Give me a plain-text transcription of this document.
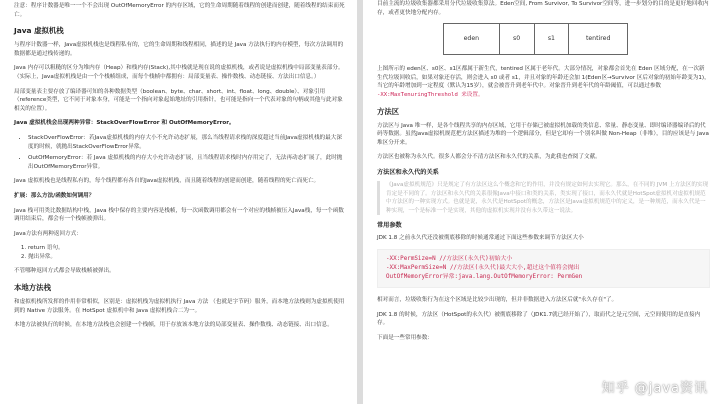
注意：程序计数器是唯一一个不会出现 OutOfMemoryError 的内存区域，它的生命周期随着线程的创建而创建，随着线程的结束而死亡。

Java 虚拟机栈

与程序计数器一样，Java虚拟机栈也是线程私有的，它的生命周期和线程相同，描述的是 Java 方法执行的内存模型，每次方法调用的数据都是通过栈传递的。

Java 内存可以粗糙的区分为堆内存（Heap）和栈内存(Stack),其中栈就是现在说的虚拟机栈，或者说是虚拟机栈中局部变量表部分。（实际上，Java虚拟机栈是由一个个栈帧组成，而每个栈帧中都拥有：局部变量表、操作数栈、动态链接、方法出口信息。）

局部变量表主要存放了编译器可知的各种数据类型（boolean、byte、char、short、int、float、long、double）、对象引用（reference类型，它不同于对象本身，可能是一个指向对象起始地址的引用指针，也可能是指向一个代表对象的句柄或其他与此对象相关的位置）。

Java 虚拟机栈会出现两种异常：StackOverFlowError 和 OutOfMemoryError。

• StackOverFlowError：若Java虚拟机栈的内存大小不允许动态扩展，那么当线程请求栈的深度超过当前Java虚拟机栈的最大深度的时候，就抛出StackOverFlowError异常。
• OutOfMemoryError：若 Java 虚拟机栈的内存大小允许动态扩展，且当线程请求栈时内存用完了，无法再动态扩展了，此时抛出OutOfMemoryError异常。

Java 虚拟机栈也是线程私有的，每个线程都有各自的Java虚拟机栈，而且随着线程的创建而创建，随着线程的死亡而死亡。

扩展：那么方法/函数如何调用？

Java 栈可用类比数据结构中栈，Java 栈中保存的主要内容是栈帧，每一次函数调用都会有一个对应的栈帧被压入Java栈，每一个函数调用结束后，都会有一个栈帧被弹出。

Java方法有两种返回方式：

1. return 语句。
2. 抛出异常。

不管哪种返回方式都会导致栈帧被弹出。

本地方法栈

和虚拟机栈所发挥的作用非常相似，区别是：虚拟机栈为虚拟机执行 Java 方法 （也就是字节码）服务，而本地方法栈则为虚拟机使用到的 Native 方法服务。在 HotSpot 虚拟机中和 Java 虚拟机栈合二为一。

本地方法被执行的时候，在本地方法栈也会创建一个栈帧，用于存放该本地方法的局部变量表、操作数栈、动态链接、出口信息。

目前主流的垃圾收集器都采用分代垃圾收集算法。Eden空间, From Survivor, To Survivor空间等，进一步划分的目的是更好地回收内存，或者更快地分配内存。

eden	s0	s1	tentired

上图所示的 eden区、s0区、s1区都属于新生代，tentired 区属于老年代。大部分情况，对象都会首先在 Eden 区域分配，在一次新生代垃圾回收后，如果对象还存活，则会进入 s0 或者 s1，并且对象的年龄还会加 1(Eden区→Survivor 区后对象的初始年龄变为1)，当它的年龄增加到一定程度（默认为15岁），就会被晋升到老年代中。对象晋升到老年代的年龄阈值，可以通过参数
-XX:MaxTenuringThreshold 来设置。

方法区

方法区与 Java 堆一样，是各个线程共享的内存区域，它用于存储已被虚拟机加载的类信息、常量、静态变量、即时编译器编译后的代码等数据。虽然Java虚拟机规范把方法区描述为堆的一个逻辑部分，但是它却有一个别名叫做 Non-Heap（非堆），目的应该是与 Java 堆区分开来。

方法区也被称为永久代。很多人都会分不清方法区和永久代的关系，为此我也查阅了文献。

方法区和永久代的关系

《Java虚拟机规范》只是规定了有方法区这么个概念和它的作用，并没有规定如何去实现它。那么，在不同的 JVM 上方法区的实现肯定是不同的了。方法区和永久代的关系很像Java中接口和类的关系，类实现了接口，而永久代就是HotSpot虚拟机对虚拟机规范中方法区的一种实现方式。也就是说，永久代是HotSpot的概念，方法区是Java虚拟机规范中的定义，是一种规范，而永久代是一种实现，一个是标准一个是实现，其他的虚拟机实现并没有永久带这一说法。

常用参数

JDK 1.8 之前永久代还没被彻底移除的时候通常通过下面这些参数来调节方法区大小

-XX:PermSize=N //方法区(永久代)初始大小
-XX:MaxPermSize=N //方法区(永久代)最大大小,超过这个值将会抛出
OutOfMemoryError异常:java.lang.OutOfMemoryError: PermGen

相对而言，垃圾收集行为在这个区域是比较少出现的，但并非数据进入方法区后就"永久存在"了。

JDK 1.8 的时候，方法区（HotSpot的永久代）被彻底移除了（JDK1.7就已经开始了），取而代之是元空间，元空间使用的是直接内存。

下面是一些常用参数：

知乎 @java资讯
